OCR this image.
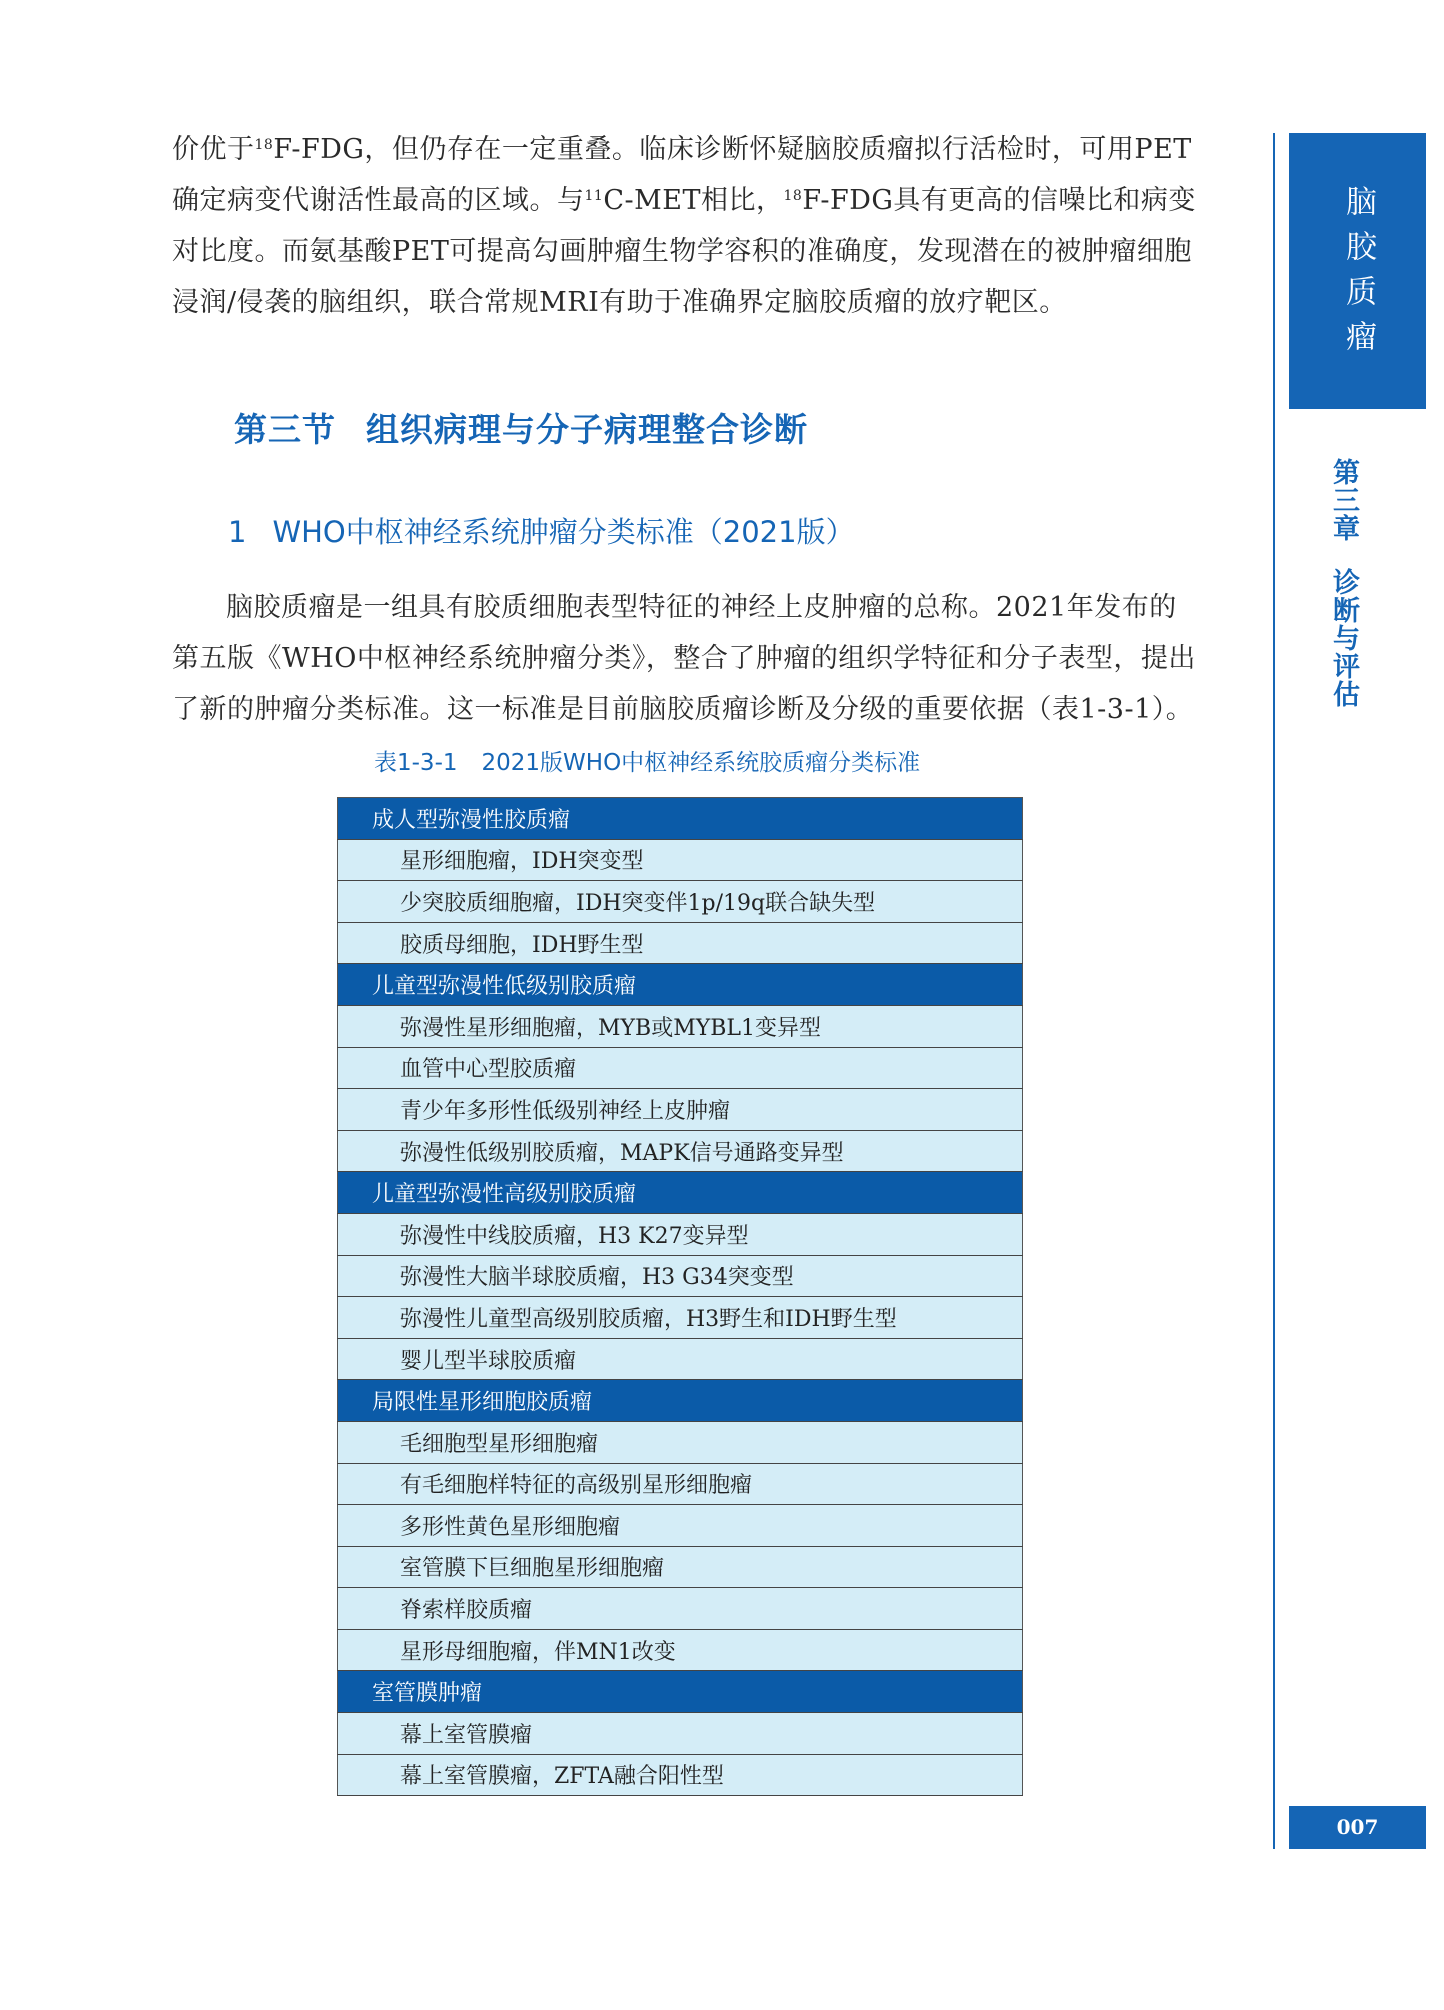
价优于$^{18}$F-FDG，但仍存在一定重叠。临床诊断怀疑脑胶质瘤拟行活检时，可用PET
确定病变代谢活性最高的区域。与$^{11}$C-MET相比，$^{18}$F-FDG具有更高的信噪比和病变
对比度。而氨基酸PET可提高勾画肿瘤生物学容积的准确度，发现潜在的被肿瘤细胞
浸润/侵袭的脑组织，联合常规MRI有助于准确界定脑胶质瘤的放疗靶区。
第三节 组织病理与分子病理整合诊断
1 WHO中枢神经系统肿瘤分类标准（2021版）
脑胶质瘤是一组具有胶质细胞表型特征的神经上皮肿瘤的总称。2021年发布的
第五版《WHO中枢神经系统肿瘤分类》，整合了肿瘤的组织学特征和分子表型，提出
了新的肿瘤分类标准。这一标准是目前脑胶质瘤诊断及分级的重要依据（表1-3-1）。
表1-3-1 2021版WHO中枢神经系统胶质瘤分类标准
成人型弥漫性胶质瘤
星形细胞瘤，IDH突变型
少突胶质细胞瘤，IDH突变伴1p/19q联合缺失型
胶质母细胞，IDH野生型
儿童型弥漫性低级别胶质瘤
弥漫性星形细胞瘤，MYB或MYBL1变异型
血管中心型胶质瘤
青少年多形性低级别神经上皮肿瘤
弥漫性低级别胶质瘤，MAPK信号通路变异型
儿童型弥漫性高级别胶质瘤
弥漫性中线胶质瘤，H3 K27变异型
弥漫性大脑半球胶质瘤，H3 G34突变型
弥漫性儿童型高级别胶质瘤，H3野生和IDH野生型
婴儿型半球胶质瘤
局限性星形细胞胶质瘤
毛细胞型星形细胞瘤
有毛细胞样特征的高级别星形细胞瘤
多形性黄色星形细胞瘤
室管膜下巨细胞星形细胞瘤
脊索样胶质瘤
星形母细胞瘤，伴MN1改变
室管膜肿瘤
幕上室管膜瘤
幕上室管膜瘤，ZFTA融合阳性型
脑胶质瘤
第三章诊断与评估
007
